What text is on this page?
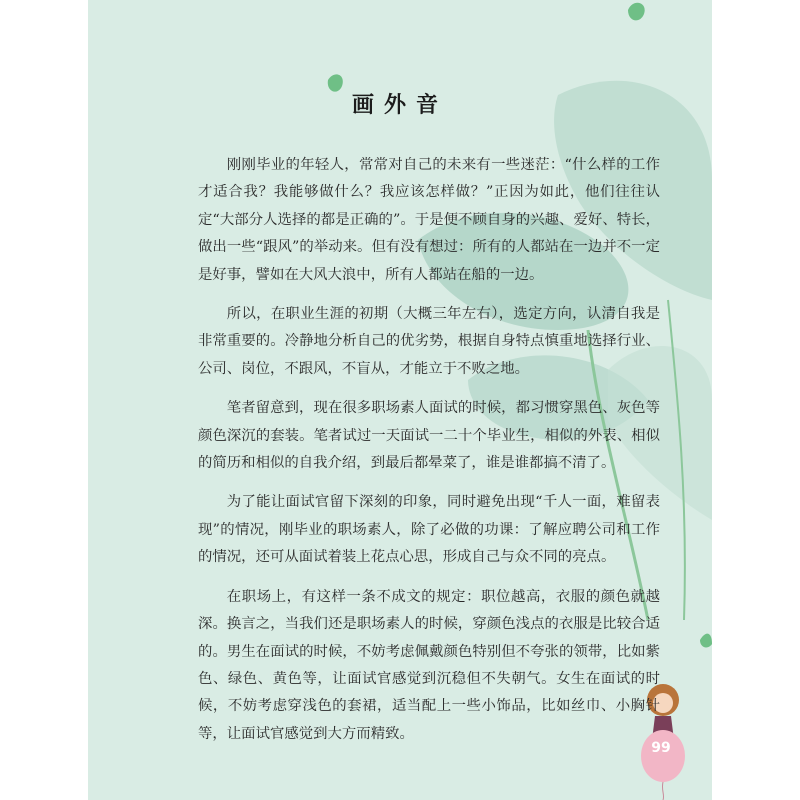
画外音

刚刚毕业的年轻人，常常对自己的未来有一些迷茫：“什么样的工作才适合我？我能够做什么？我应该怎样做？”正因为如此，他们往往认定“大部分人选择的都是正确的”。于是便不顾自身的兴趣、爱好、特长，做出一些“跟风”的举动来。但有没有想过：所有的人都站在一边并不一定是好事，譬如在大风大浪中，所有人都站在船的一边。

所以，在职业生涯的初期（大概三年左右），选定方向，认清自我是非常重要的。冷静地分析自己的优劣势，根据自身特点慎重地选择行业、公司、岗位，不跟风，不盲从，才能立于不败之地。

笔者留意到，现在很多职场素人面试的时候，都习惯穿黑色、灰色等颜色深沉的套装。笔者试过一天面试一二十个毕业生，相似的外表、相似的简历和相似的自我介绍，到最后都晕菜了，谁是谁都搞不清了。

为了能让面试官留下深刻的印象，同时避免出现“千人一面，难留表现”的情况，刚毕业的职场素人，除了必做的功课：了解应聘公司和工作的情况，还可从面试着装上花点心思，形成自己与众不同的亮点。

在职场上，有这样一条不成文的规定：职位越高，衣服的颜色就越深。换言之，当我们还是职场素人的时候，穿颜色浅点的衣服是比较合适的。男生在面试的时候，不妨考虑佩戴颜色特别但不夸张的领带，比如紫色、绿色、黄色等，让面试官感觉到沉稳但不失朝气。女生在面试的时候，不妨考虑穿浅色的套裙，适当配上一些小饰品，比如丝巾、小胸针等，让面试官感觉到大方而精致。

99
